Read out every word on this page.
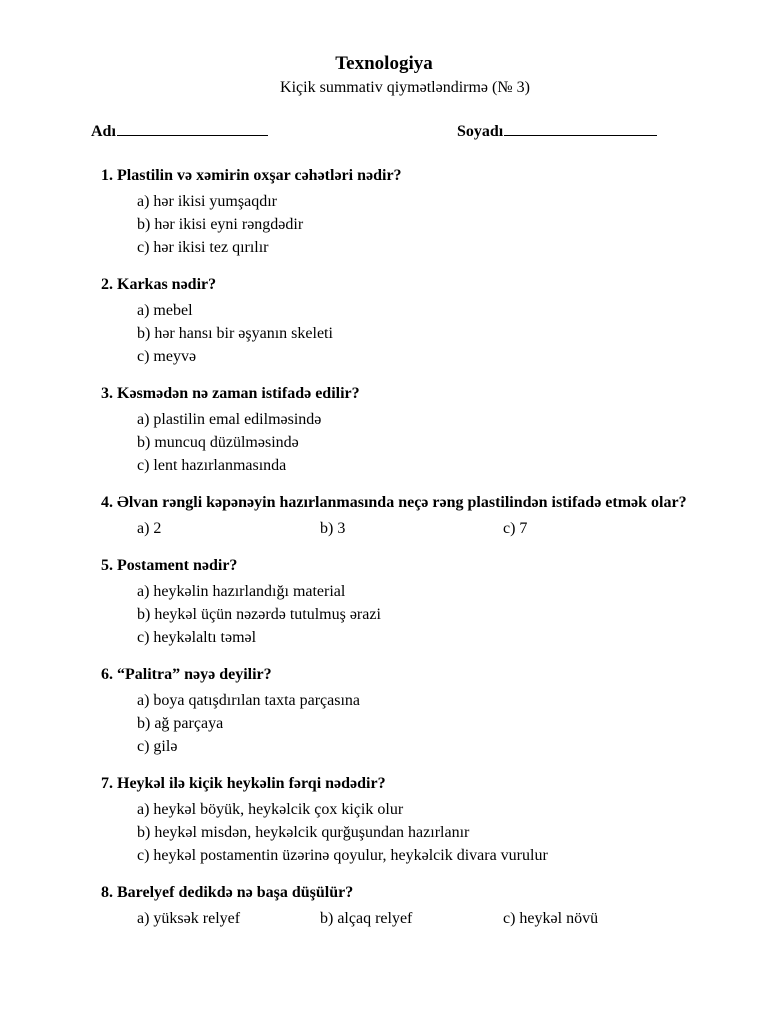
Texnologiya
Kiçik summativ qiymətləndirmə (№ 3)
Adı	Soyadı
1. Plastilin və xəmirin oxşar cəhətləri nədir?
a) hər ikisi yumşaqdır
b) hər ikisi eyni rəngdədir
c) hər ikisi tez qırılır
2. Karkas nədir?
a) mebel
b) hər hansı bir əşyanın skeleti
c) meyvə
3. Kəsmədən nə zaman istifadə edilir?
a) plastilin emal edilməsində
b) muncuq düzülməsində
c) lent hazırlanmasında
4. Əlvan rəngli kəpənəyin hazırlanmasında neçə rəng plastilindən istifadə etmək olar?
a) 2	b) 3	c) 7
5. Postament nədir?
a) heykəlin hazırlandığı material
b) heykəl üçün nəzərdə tutulmuş ərazi
c) heykəlaltı təməl
6. “Palitra” nəyə deyilir?
a) boya qatışdırılan taxta parçasına
b) ağ parçaya
c) gilə
7. Heykəl ilə kiçik heykəlin fərqi nədədir?
a) heykəl böyük, heykəlcik çox kiçik olur
b) heykəl misdən, heykəlcik qurğuşundan hazırlanır
c) heykəl postamentin üzərinə qoyulur, heykəlcik divara vurulur
8. Barelyef dedikdə nə başa düşülür?
a) yüksək relyef	b) alçaq relyef	c) heykəl növü
